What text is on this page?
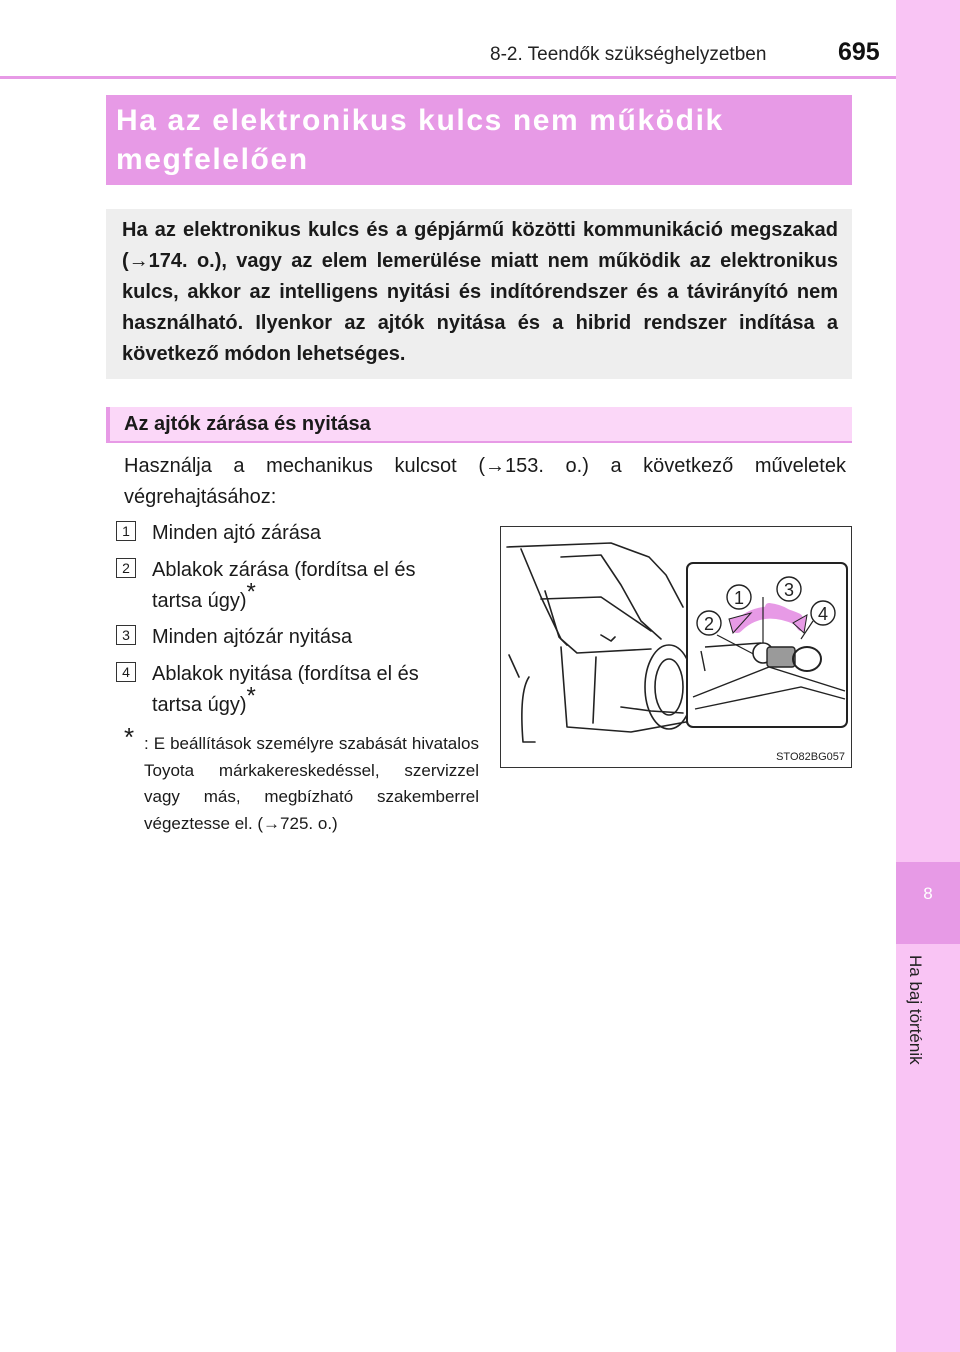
8-2. Teendők szükséghelyzetben	695
8
Ha baj történik
Ha az elektronikus kulcs nem működik megfelelően

Ha az elektronikus kulcs és a gépjármű közötti kommunikáció megszakad (→174. o.), vagy az elem lemerülése miatt nem működik az elektronikus kulcs, akkor az intelligens nyitási és indítórendszer és a távirányító nem használható. Ilyenkor az ajtók nyitása és a hibrid rendszer indítása a következő módon lehetséges.

Az ajtók zárása és nyitása

Használja a mechanikus kulcsot (→153. o.) a következő műveletek végrehajtásához:

1	Minden ajtó zárása
2	Ablakok zárása (fordítsa el és
tartsa úgy)*
3	Minden ajtózár nyitása
4	Ablakok nyitása (fordítsa el és
tartsa úgy)*
* : E beállítások személyre szabását hivatalos Toyota márkakereskedéssel, szervizzel vagy más, megbízható szakemberrel végeztesse el. (→725. o.)

1
2
3
4
STO82BG057
